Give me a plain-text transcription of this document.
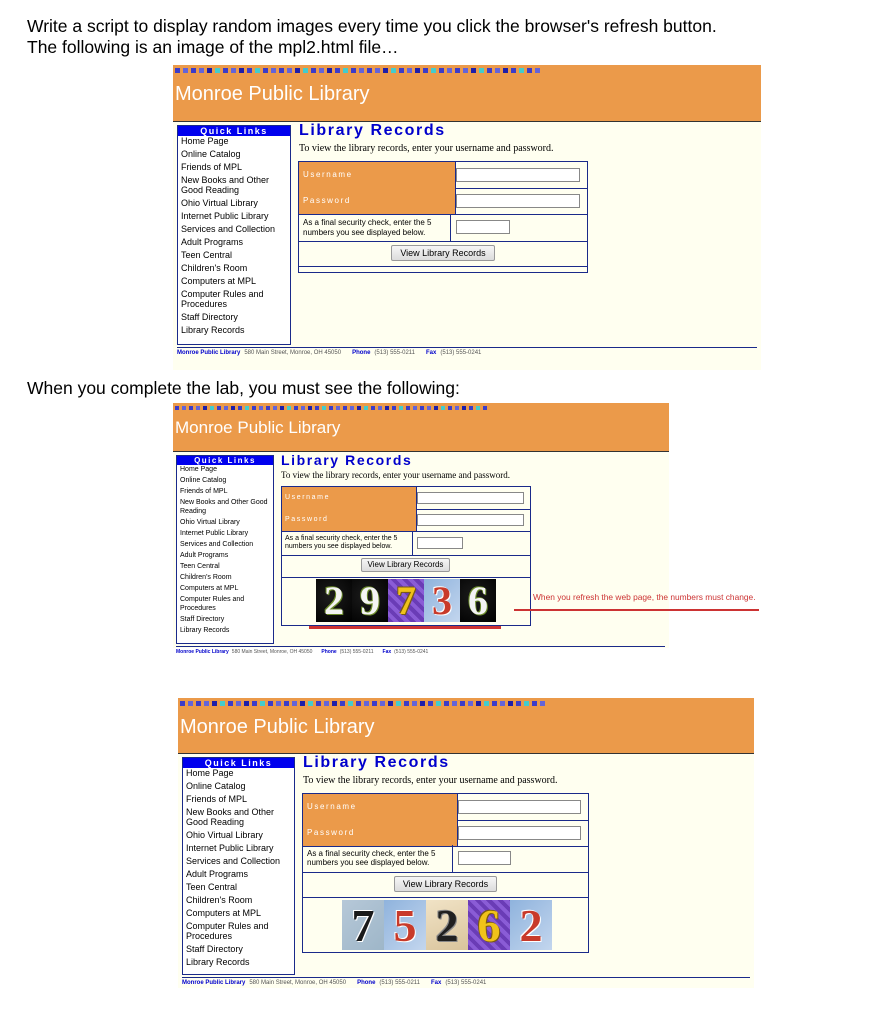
Write a script to display random images every time you click the browser's refresh button.
The following is an image of the mpl2.html file…
When you complete the lab, you must see the following:
Monroe Public Library
Quick Links
Home Page
Online Catalog
Friends of MPL
New Books and Other Good Reading
Ohio Virtual Library
Internet Public Library
Services and Collection
Adult Programs
Teen Central
Children's Room
Computers at MPL
Computer Rules and Procedures
Staff Directory
Library Records
Library Records
To view the library records, enter your username and password.
Username
Password
As a final security check, enter the 5 numbers you see displayed below.
View Library Records
Monroe Public Library 580 Main Street, Monroe, OH 45050 Phone (513) 555-0211 Fax (513) 555-0241
Monroe Public Library
Quick Links
Home Page
Online Catalog
Friends of MPL
New Books and Other Good Reading
Ohio Virtual Library
Internet Public Library
Services and Collection
Adult Programs
Teen Central
Children's Room
Computers at MPL
Computer Rules and Procedures
Staff Directory
Library Records
Library Records
To view the library records, enter your username and password.
Username
Password
As a final security check, enter the 5 numbers you see displayed below.
View Library Records
2 9 7 3 6
Monroe Public Library 580 Main Street, Monroe, OH 45050 Phone (513) 555-0211 Fax (513) 555-0241
Monroe Public Library
Quick Links
Home Page
Online Catalog
Friends of MPL
New Books and Other Good Reading
Ohio Virtual Library
Internet Public Library
Services and Collection
Adult Programs
Teen Central
Children's Room
Computers at MPL
Computer Rules and Procedures
Staff Directory
Library Records
Library Records
To view the library records, enter your username and password.
Username
Password
As a final security check, enter the 5 numbers you see displayed below.
View Library Records
7 5 2 6 2
Monroe Public Library 580 Main Street, Monroe, OH 45050 Phone (513) 555-0211 Fax (513) 555-0241
When you refresh the web page, the numbers must change.
